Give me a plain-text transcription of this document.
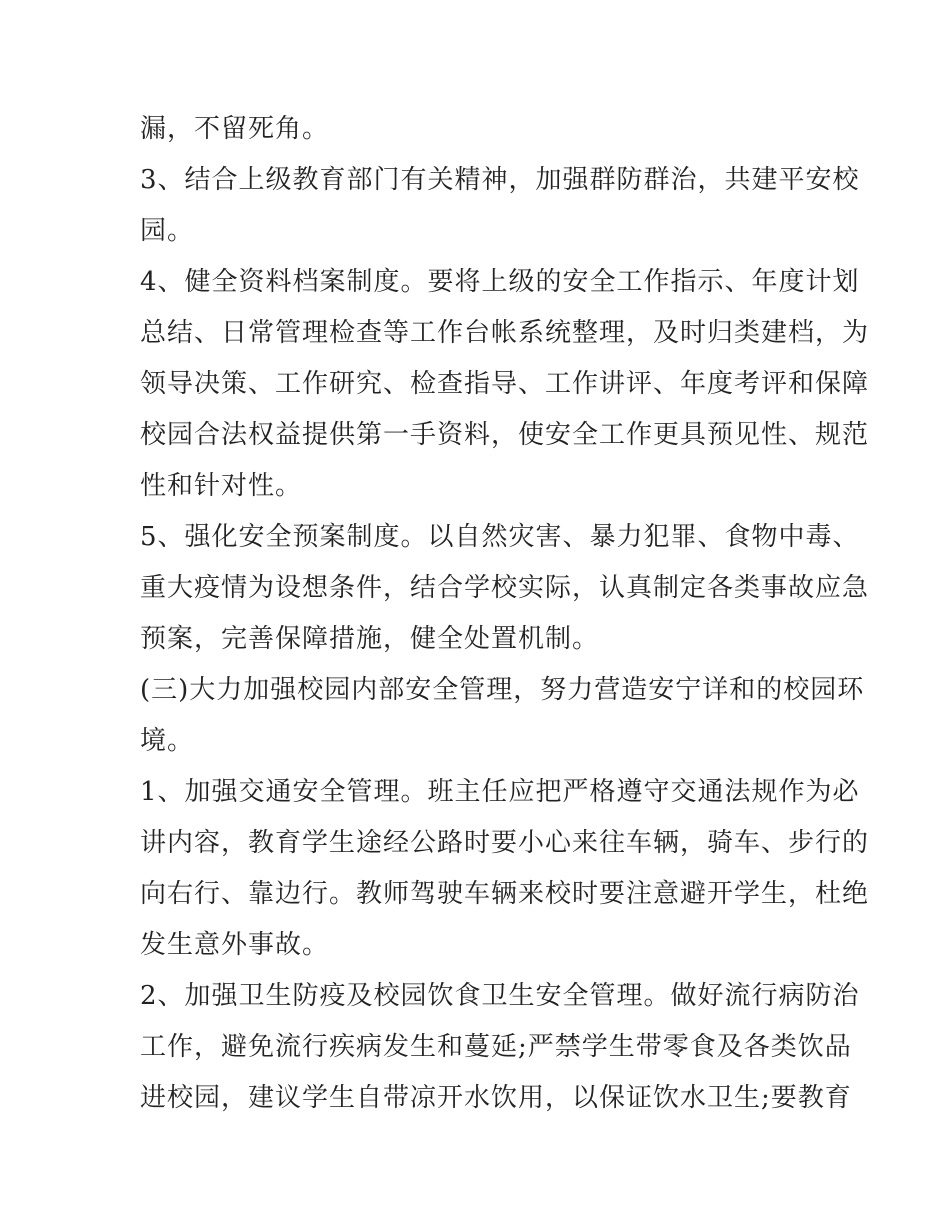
漏，不留死角。
3、结合上级教育部门有关精神，加强群防群治，共建平安校
园。
4、健全资料档案制度。要将上级的安全工作指示、年度计划
总结、日常管理检查等工作台帐系统整理，及时归类建档，为
领导决策、工作研究、检查指导、工作讲评、年度考评和保障
校园合法权益提供第一手资料，使安全工作更具预见性、规范
性和针对性。
5、强化安全预案制度。以自然灾害、暴力犯罪、食物中毒、
重大疫情为设想条件，结合学校实际，认真制定各类事故应急
预案，完善保障措施，健全处置机制。
(三)大力加强校园内部安全管理，努力营造安宁详和的校园环
境。
1、加强交通安全管理。班主任应把严格遵守交通法规作为必
讲内容，教育学生途经公路时要小心来往车辆，骑车、步行的
向右行、靠边行。教师驾驶车辆来校时要注意避开学生，杜绝
发生意外事故。
2、加强卫生防疫及校园饮食卫生安全管理。做好流行病防治
工作，避免流行疾病发生和蔓延;严禁学生带零食及各类饮品
进校园，建议学生自带凉开水饮用，以保证饮水卫生;要教育
